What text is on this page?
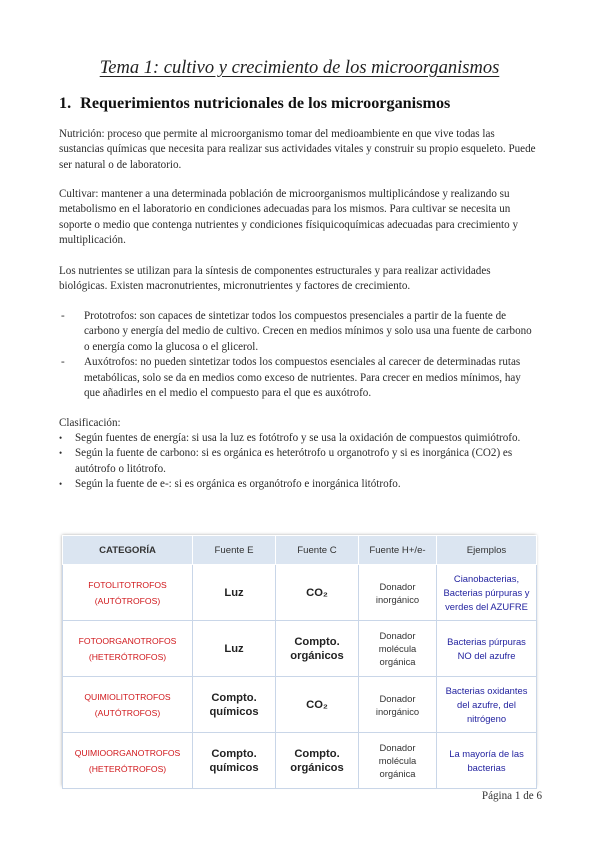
Tema 1: cultivo y crecimiento de los microorganismos
1. Requerimientos nutricionales de los microorganismos
Nutrición: proceso que permite al microorganismo tomar del medioambiente en que vive todas las sustancias químicas que necesita para realizar sus actividades vitales y construir su propio esqueleto. Puede ser natural o de laboratorio.
Cultivar: mantener a una determinada población de microorganismos multiplicándose y realizando su metabolismo en el laboratorio en condiciones adecuadas para los mismos. Para cultivar se necesita un soporte o medio que contenga nutrientes y condiciones físiquicoquímicas adecuadas para crecimiento y multiplicación.
Los nutrientes se utilizan para la síntesis de componentes estructurales y para realizar actividades biológicas. Existen macronutrientes, micronutrientes y factores de crecimiento.
- Prototrofos: son capaces de sintetizar todos los compuestos presenciales a partir de la fuente de carbono y energía del medio de cultivo. Crecen en medios mínimos y solo usa una fuente de carbono o energía como la glucosa o el glicerol.
- Auxótrofos: no pueden sintetizar todos los compuestos esenciales al carecer de determinadas rutas metabólicas, solo se da en medios como exceso de nutrientes. Para crecer en medios mínimos, hay que añadirles en el medio el compuesto para el que es auxótrofo.
Clasificación:
• Según fuentes de energía: si usa la luz es fotótrofo y se usa la oxidación de compuestos quimiótrofo.
• Según la fuente de carbono: si es orgánica es heterótrofo u organotrofo y si es inorgánica (CO2) es autótrofo o litótrofo.
• Según la fuente de e-: si es orgánica es organótrofo e inorgánica litótrofo.
CATEGORÍA	Fuente E	Fuente C	Fuente H+/e-	Ejemplos
FOTOLITOTROFOS
(AUTÓTROFOS)	Luz	CO₂	Donador inorgánico	Cianobacterias, Bacterias púrpuras y verdes del AZUFRE
FOTOORGANOTROFOS
(HETERÓTROFOS)	Luz	Compto. orgánicos	Donador molécula orgánica	Bacterias púrpuras NO del azufre
QUIMIOLITOTROFOS
(AUTÓTROFOS)	Compto. químicos	CO₂	Donador inorgánico	Bacterias oxidantes del azufre, del nitrógeno
QUIMIOORGANOTROFOS
(HETERÓTROFOS)	Compto. químicos	Compto. orgánicos	Donador molécula orgánica	La mayoría de las bacterias
Página 1 de 6
